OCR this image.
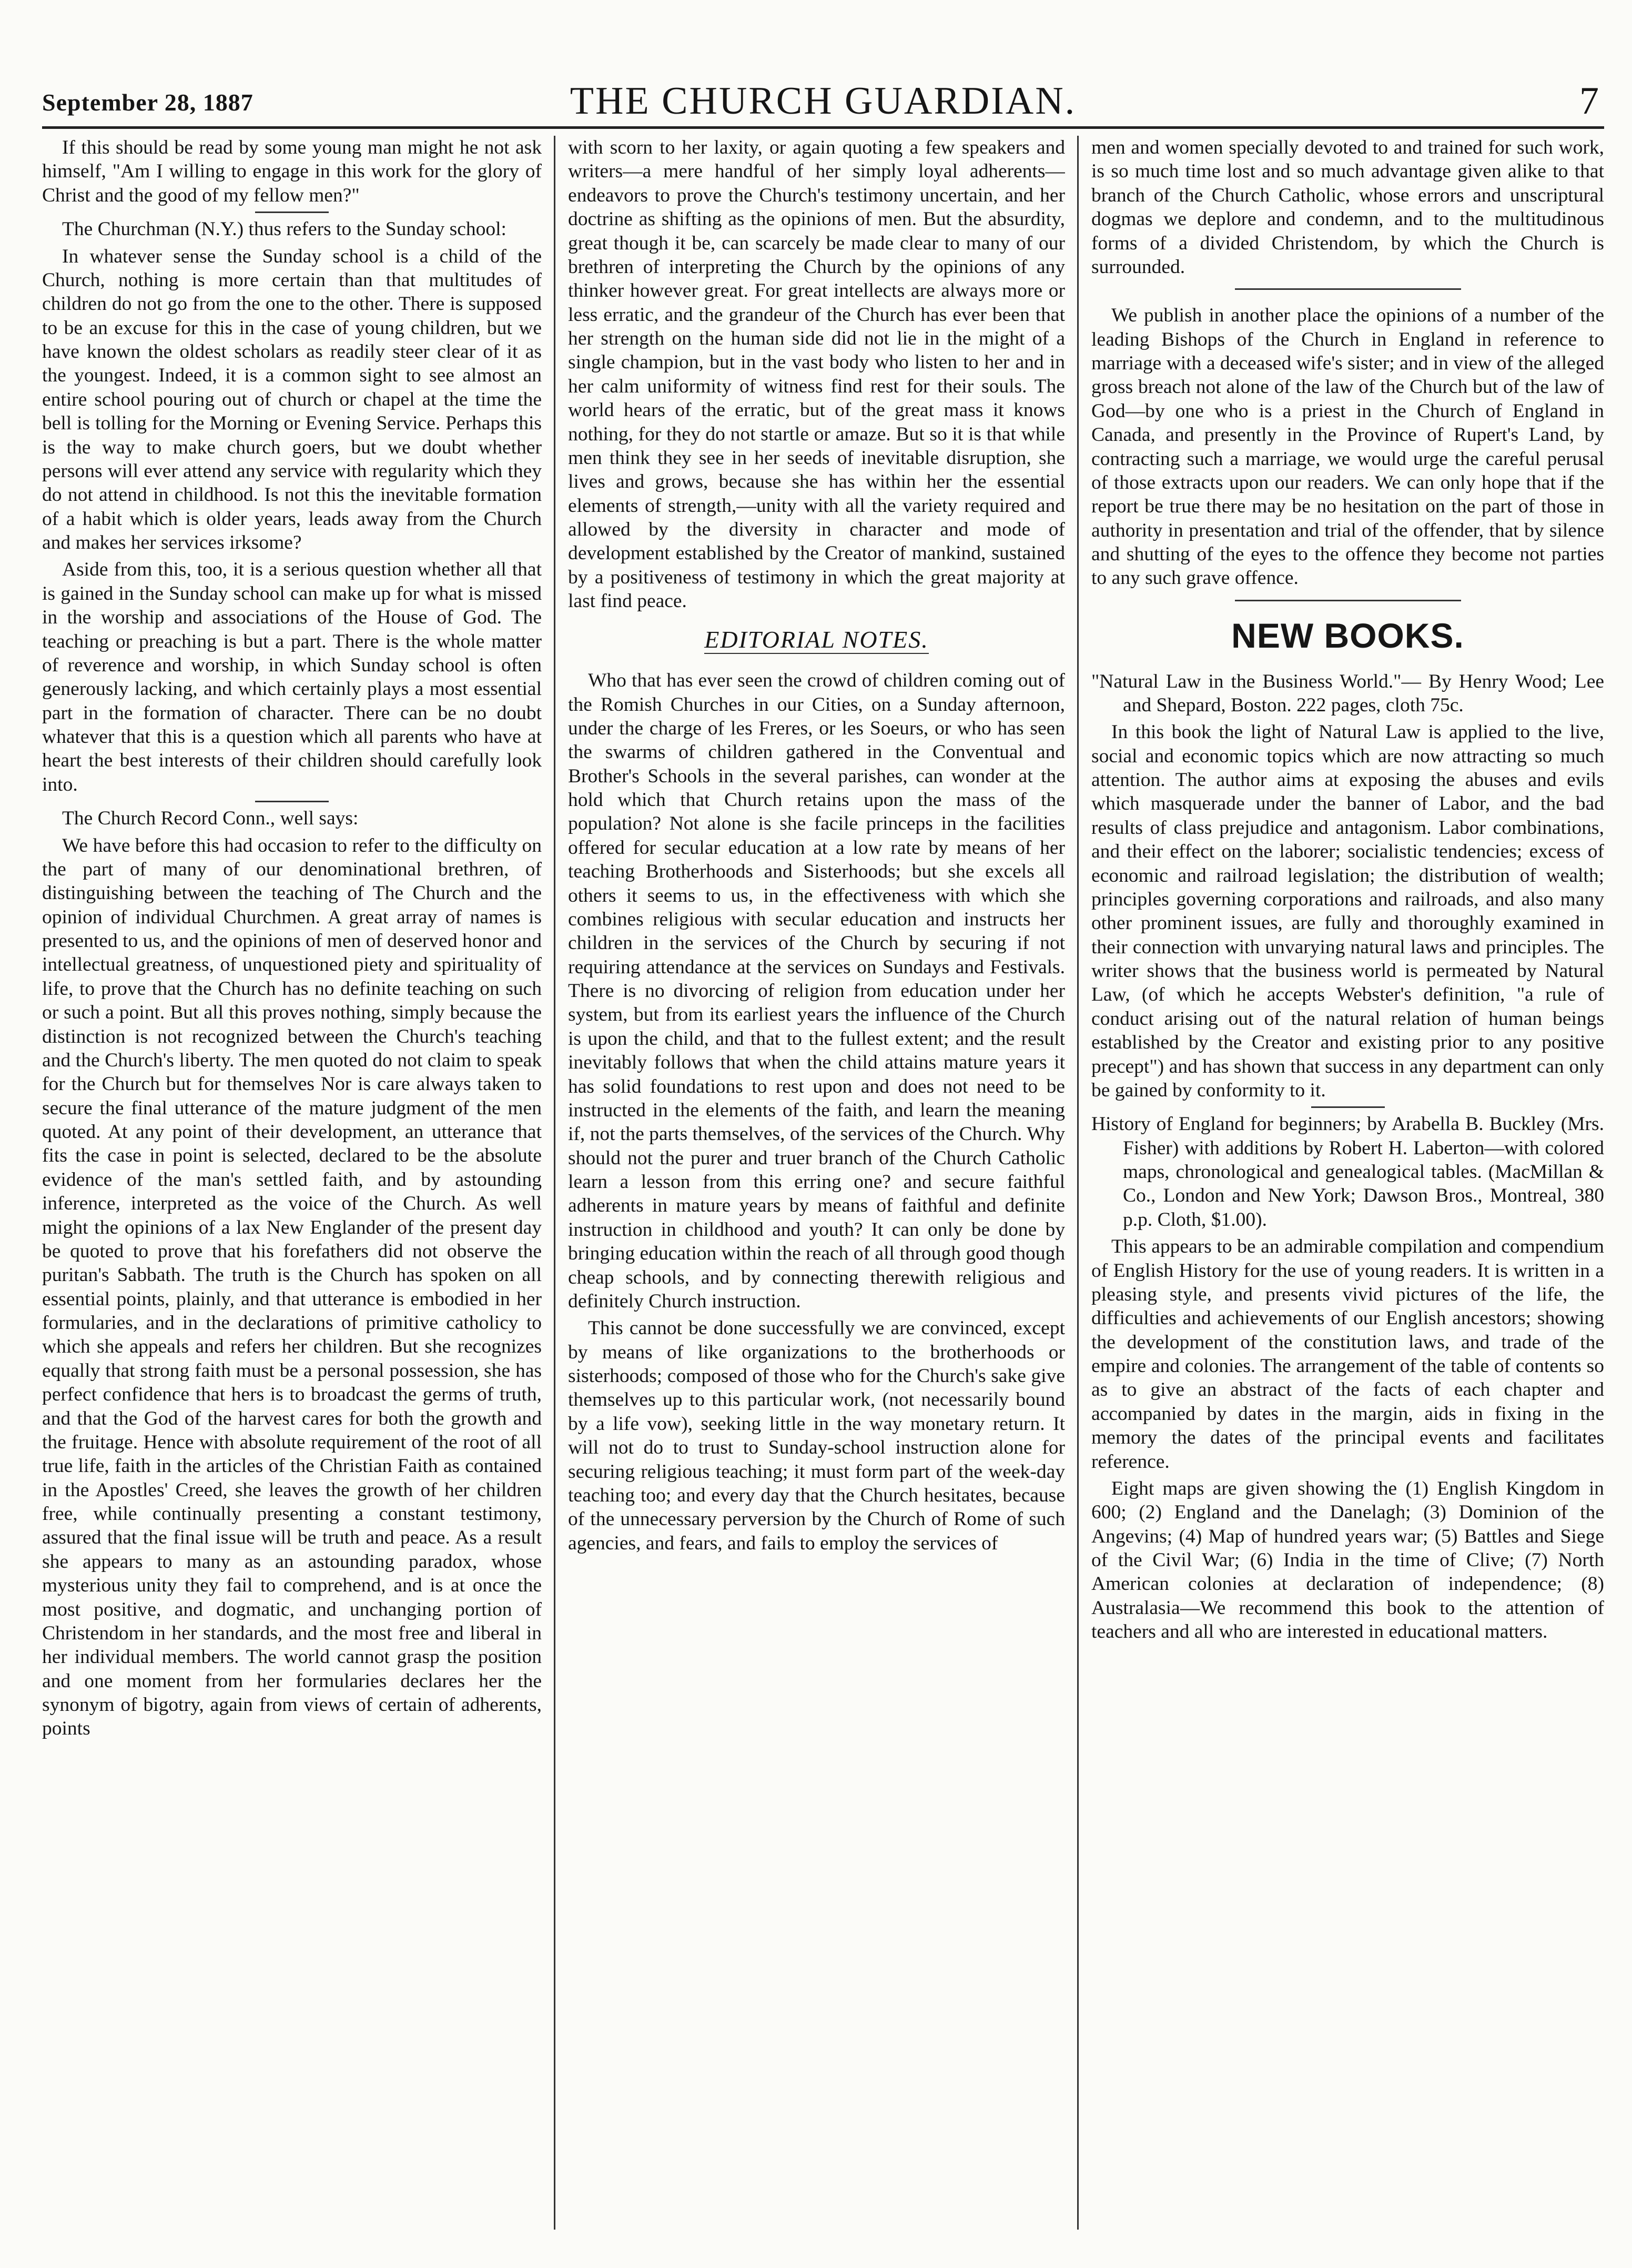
September 28, 1887	THE CHURCH GUARDIAN.	7

If this should be read by some young man might he not ask himself, "Am I willing to engage in this work for the glory of Christ and the good of my fellow men?"

The Churchman (N.Y.) thus refers to the Sunday school:

In whatever sense the Sunday school is a child of the Church, nothing is more certain than that multitudes of children do not go from the one to the other. There is supposed to be an excuse for this in the case of young children, but we have known the oldest scholars as readily steer clear of it as the youngest. Indeed, it is a common sight to see almost an entire school pouring out of church or chapel at the time the bell is tolling for the Morning or Evening Service. Perhaps this is the way to make church goers, but we doubt whether persons will ever attend any service with regularity which they do not attend in childhood. Is not this the inevitable formation of a habit which is older years, leads away from the Church and makes her services irksome?

Aside from this, too, it is a serious question whether all that is gained in the Sunday school can make up for what is missed in the worship and associations of the House of God. The teaching or preaching is but a part. There is the whole matter of reverence and worship, in which Sunday school is often generously lacking, and which certainly plays a most essential part in the formation of character. There can be no doubt whatever that this is a question which all parents who have at heart the best interests of their children should carefully look into.

The Church Record Conn., well says:

We have before this had occasion to refer to the difficulty on the part of many of our denominational brethren, of distinguishing between the teaching of The Church and the opinion of individual Churchmen. A great array of names is presented to us, and the opinions of men of deserved honor and intellectual greatness, of unquestioned piety and spirituality of life, to prove that the Church has no definite teaching on such or such a point. But all this proves nothing, simply because the distinction is not recognized between the Church's teaching and the Church's liberty. The men quoted do not claim to speak for the Church but for themselves Nor is care always taken to secure the final utterance of the mature judgment of the men quoted. At any point of their development, an utterance that fits the case in point is selected, declared to be the absolute evidence of the man's settled faith, and by astounding inference, interpreted as the voice of the Church. As well might the opinions of a lax New Englander of the present day be quoted to prove that his forefathers did not observe the puritan's Sabbath. The truth is the Church has spoken on all essential points, plainly, and that utterance is embodied in her formularies, and in the declarations of primitive catholicy to which she appeals and refers her children. But she recognizes equally that strong faith must be a personal possession, she has perfect confidence that hers is to broadcast the germs of truth, and that the God of the harvest cares for both the growth and the fruitage. Hence with absolute requirement of the root of all true life, faith in the articles of the Christian Faith as contained in the Apostles' Creed, she leaves the growth of her children free, while continually presenting a constant testimony, assured that the final issue will be truth and peace. As a result she appears to many as an astounding paradox, whose mysterious unity they fail to comprehend, and is at once the most positive, and dogmatic, and unchanging portion of Christendom in her standards, and the most free and liberal in her individual members. The world cannot grasp the position and one moment from her formularies declares her the synonym of bigotry, again from views of certain of adherents, points

with scorn to her laxity, or again quoting a few speakers and writers—a mere handful of her simply loyal adherents—endeavors to prove the Church's testimony uncertain, and her doctrine as shifting as the opinions of men. But the absurdity, great though it be, can scarcely be made clear to many of our brethren of interpreting the Church by the opinions of any thinker however great. For great intellects are always more or less erratic, and the grandeur of the Church has ever been that her strength on the human side did not lie in the might of a single champion, but in the vast body who listen to her and in her calm uniformity of witness find rest for their souls. The world hears of the erratic, but of the great mass it knows nothing, for they do not startle or amaze. But so it is that while men think they see in her seeds of inevitable disruption, she lives and grows, because she has within her the essential elements of strength,—unity with all the variety required and allowed by the diversity in character and mode of development established by the Creator of mankind, sustained by a positiveness of testimony in which the great majority at last find peace.

EDITORIAL NOTES.

Who that has ever seen the crowd of children coming out of the Romish Churches in our Cities, on a Sunday afternoon, under the charge of les Freres, or les Soeurs, or who has seen the swarms of children gathered in the Conventual and Brother's Schools in the several parishes, can wonder at the hold which that Church retains upon the mass of the population? Not alone is she facile princeps in the facilities offered for secular education at a low rate by means of her teaching Brotherhoods and Sisterhoods; but she excels all others it seems to us, in the effectiveness with which she combines religious with secular education and instructs her children in the services of the Church by securing if not requiring attendance at the services on Sundays and Festivals. There is no divorcing of religion from education under her system, but from its earliest years the influence of the Church is upon the child, and that to the fullest extent; and the result inevitably follows that when the child attains mature years it has solid foundations to rest upon and does not need to be instructed in the elements of the faith, and learn the meaning if, not the parts themselves, of the services of the Church. Why should not the purer and truer branch of the Church Catholic learn a lesson from this erring one? and secure faithful adherents in mature years by means of faithful and definite instruction in childhood and youth? It can only be done by bringing education within the reach of all through good though cheap schools, and by connecting therewith religious and definitely Church instruction.

This cannot be done successfully we are convinced, except by means of like organizations to the brotherhoods or sisterhoods; composed of those who for the Church's sake give themselves up to this particular work, (not necessarily bound by a life vow), seeking little in the way monetary return. It will not do to trust to Sunday-school instruction alone for securing religious teaching; it must form part of the week-day teaching too; and every day that the Church hesitates, because of the unnecessary perversion by the Church of Rome of such agencies, and fears, and fails to employ the services of

men and women specially devoted to and trained for such work, is so much time lost and so much advantage given alike to that branch of the Church Catholic, whose errors and unscriptural dogmas we deplore and condemn, and to the multitudinous forms of a divided Christendom, by which the Church is surrounded.

We publish in another place the opinions of a number of the leading Bishops of the Church in England in reference to marriage with a deceased wife's sister; and in view of the alleged gross breach not alone of the law of the Church but of the law of God—by one who is a priest in the Church of England in Canada, and presently in the Province of Rupert's Land, by contracting such a marriage, we would urge the careful perusal of those extracts upon our readers. We can only hope that if the report be true there may be no hesitation on the part of those in authority in presentation and trial of the offender, that by silence and shutting of the eyes to the offence they become not parties to any such grave offence.

NEW BOOKS.

"Natural Law in the Business World."— By Henry Wood; Lee and Shepard, Boston. 222 pages, cloth 75c.

In this book the light of Natural Law is applied to the live, social and economic topics which are now attracting so much attention. The author aims at exposing the abuses and evils which masquerade under the banner of Labor, and the bad results of class prejudice and antagonism. Labor combinations, and their effect on the laborer; socialistic tendencies; excess of economic and railroad legislation; the distribution of wealth; principles governing corporations and railroads, and also many other prominent issues, are fully and thoroughly examined in their connection with unvarying natural laws and principles. The writer shows that the business world is permeated by Natural Law, (of which he accepts Webster's definition, "a rule of conduct arising out of the natural relation of human beings established by the Creator and existing prior to any positive precept") and has shown that success in any department can only be gained by conformity to it.

History of England for beginners; by Arabella B. Buckley (Mrs. Fisher) with additions by Robert H. Laberton—with colored maps, chronological and genealogical tables. (MacMillan & Co., London and New York; Dawson Bros., Montreal, 380 p.p. Cloth, $1.00).

This appears to be an admirable compilation and compendium of English History for the use of young readers. It is written in a pleasing style, and presents vivid pictures of the life, the difficulties and achievements of our English ancestors; showing the development of the constitution laws, and trade of the empire and colonies. The arrangement of the table of contents so as to give an abstract of the facts of each chapter and accompanied by dates in the margin, aids in fixing in the memory the dates of the principal events and facilitates reference.

Eight maps are given showing the (1) English Kingdom in 600; (2) England and the Danelagh; (3) Dominion of the Angevins; (4) Map of hundred years war; (5) Battles and Siege of the Civil War; (6) India in the time of Clive; (7) North American colonies at declaration of independence; (8) Australasia—We recommend this book to the attention of teachers and all who are interested in educational matters.
